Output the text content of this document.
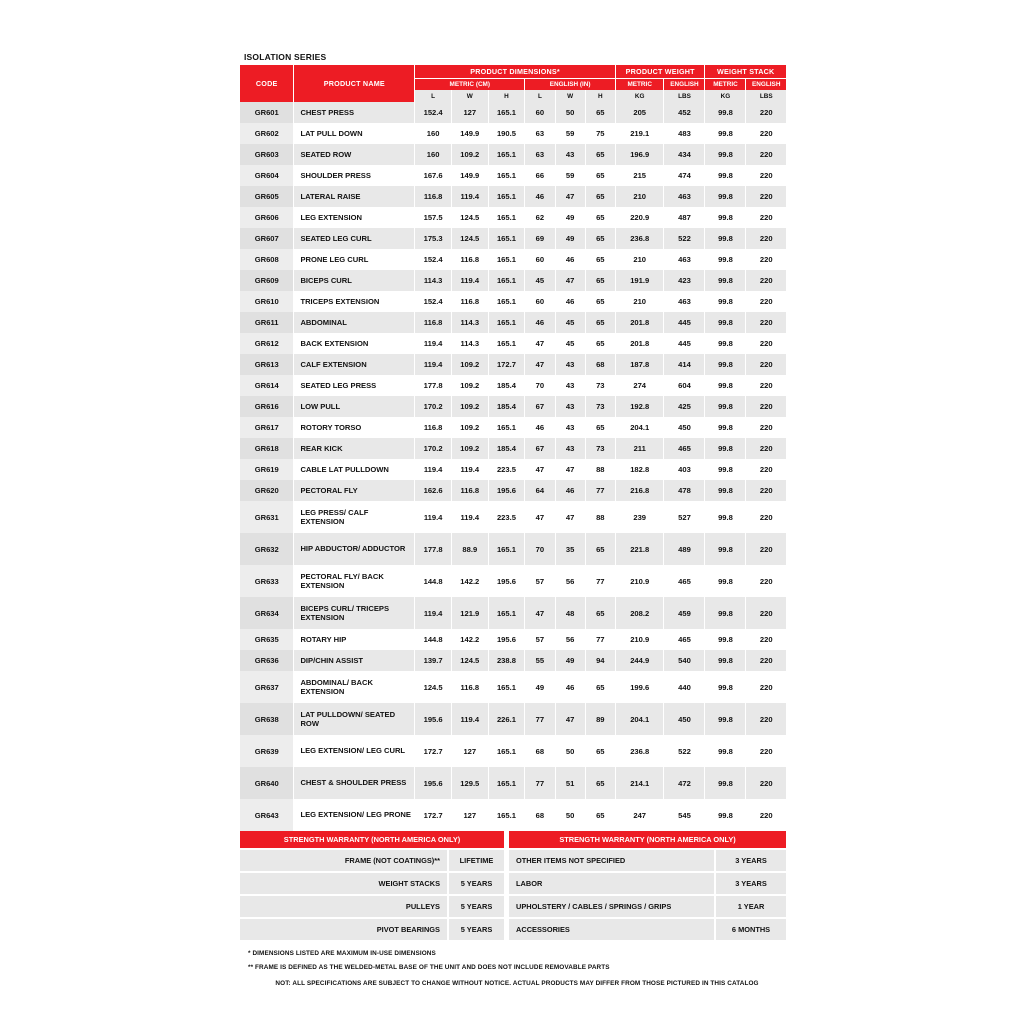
ISOLATION SERIES
CODE	PRODUCT NAME	PRODUCT DIMENSIONS*						PRODUCT WEIGHT		WEIGHT STACK	
		METRIC (CM)			ENGLISH (IN)			METRIC	ENGLISH	METRIC	ENGLISH
		L	W	H	L	W	H	KG	LBS	KG	LBS
GR601	CHEST PRESS	152.4	127	165.1	60	50	65	205	452	99.8	220
GR602	LAT PULL DOWN	160	149.9	190.5	63	59	75	219.1	483	99.8	220
GR603	SEATED ROW	160	109.2	165.1	63	43	65	196.9	434	99.8	220
GR604	SHOULDER PRESS	167.6	149.9	165.1	66	59	65	215	474	99.8	220
GR605	LATERAL RAISE	116.8	119.4	165.1	46	47	65	210	463	99.8	220
GR606	LEG EXTENSION	157.5	124.5	165.1	62	49	65	220.9	487	99.8	220
GR607	SEATED LEG CURL	175.3	124.5	165.1	69	49	65	236.8	522	99.8	220
GR608	PRONE LEG CURL	152.4	116.8	165.1	60	46	65	210	463	99.8	220
GR609	BICEPS CURL	114.3	119.4	165.1	45	47	65	191.9	423	99.8	220
GR610	TRICEPS EXTENSION	152.4	116.8	165.1	60	46	65	210	463	99.8	220
GR611	ABDOMINAL	116.8	114.3	165.1	46	45	65	201.8	445	99.8	220
GR612	BACK EXTENSION	119.4	114.3	165.1	47	45	65	201.8	445	99.8	220
GR613	CALF EXTENSION	119.4	109.2	172.7	47	43	68	187.8	414	99.8	220
GR614	SEATED LEG PRESS	177.8	109.2	185.4	70	43	73	274	604	99.8	220
GR616	LOW PULL	170.2	109.2	185.4	67	43	73	192.8	425	99.8	220
GR617	ROTORY TORSO	116.8	109.2	165.1	46	43	65	204.1	450	99.8	220
GR618	REAR KICK	170.2	109.2	185.4	67	43	73	211	465	99.8	220
GR619	CABLE LAT PULLDOWN	119.4	119.4	223.5	47	47	88	182.8	403	99.8	220
GR620	PECTORAL FLY	162.6	116.8	195.6	64	46	77	216.8	478	99.8	220
GR631	LEG PRESS/ CALF EXTENSION	119.4	119.4	223.5	47	47	88	239	527	99.8	220
GR632	HIP ABDUCTOR/ ADDUCTOR	177.8	88.9	165.1	70	35	65	221.8	489	99.8	220
GR633	PECTORAL FLY/ BACK EXTENSION	144.8	142.2	195.6	57	56	77	210.9	465	99.8	220
GR634	BICEPS CURL/ TRICEPS EXTENSION	119.4	121.9	165.1	47	48	65	208.2	459	99.8	220
GR635	ROTARY HIP	144.8	142.2	195.6	57	56	77	210.9	465	99.8	220
GR636	DIP/CHIN ASSIST	139.7	124.5	238.8	55	49	94	244.9	540	99.8	220
GR637	ABDOMINAL/ BACK EXTENSION	124.5	116.8	165.1	49	46	65	199.6	440	99.8	220
GR638	LAT PULLDOWN/ SEATED ROW	195.6	119.4	226.1	77	47	89	204.1	450	99.8	220
GR639	LEG EXTENSION/ LEG CURL	172.7	127	165.1	68	50	65	236.8	522	99.8	220
GR640	CHEST & SHOULDER PRESS	195.6	129.5	165.1	77	51	65	214.1	472	99.8	220
GR643	LEG EXTENSION/ LEG PRONE	172.7	127	165.1	68	50	65	247	545	99.8	220
STRENGTH WARRANTY (NORTH AMERICA ONLY)			STRENGTH WARRANTY (NORTH AMERICA ONLY)	
FRAME (NOT COATINGS)**	LIFETIME		OTHER ITEMS NOT SPECIFIED	3 YEARS
WEIGHT STACKS	5 YEARS		LABOR	3 YEARS
PULLEYS	5 YEARS		UPHOLSTERY / CABLES / SPRINGS / GRIPS	1 YEAR
PIVOT BEARINGS	5 YEARS		ACCESSORIES	6 MONTHS
* DIMENSIONS LISTED ARE MAXIMUM IN-USE DIMENSIONS
** FRAME IS DEFINED AS THE WELDED-METAL BASE OF THE UNIT AND DOES NOT INCLUDE REMOVABLE PARTS
NOT: ALL SPECIFICATIONS ARE SUBJECT TO CHANGE WITHOUT NOTICE. ACTUAL PRODUCTS MAY DIFFER FROM THOSE PICTURED IN THIS CATALOG
